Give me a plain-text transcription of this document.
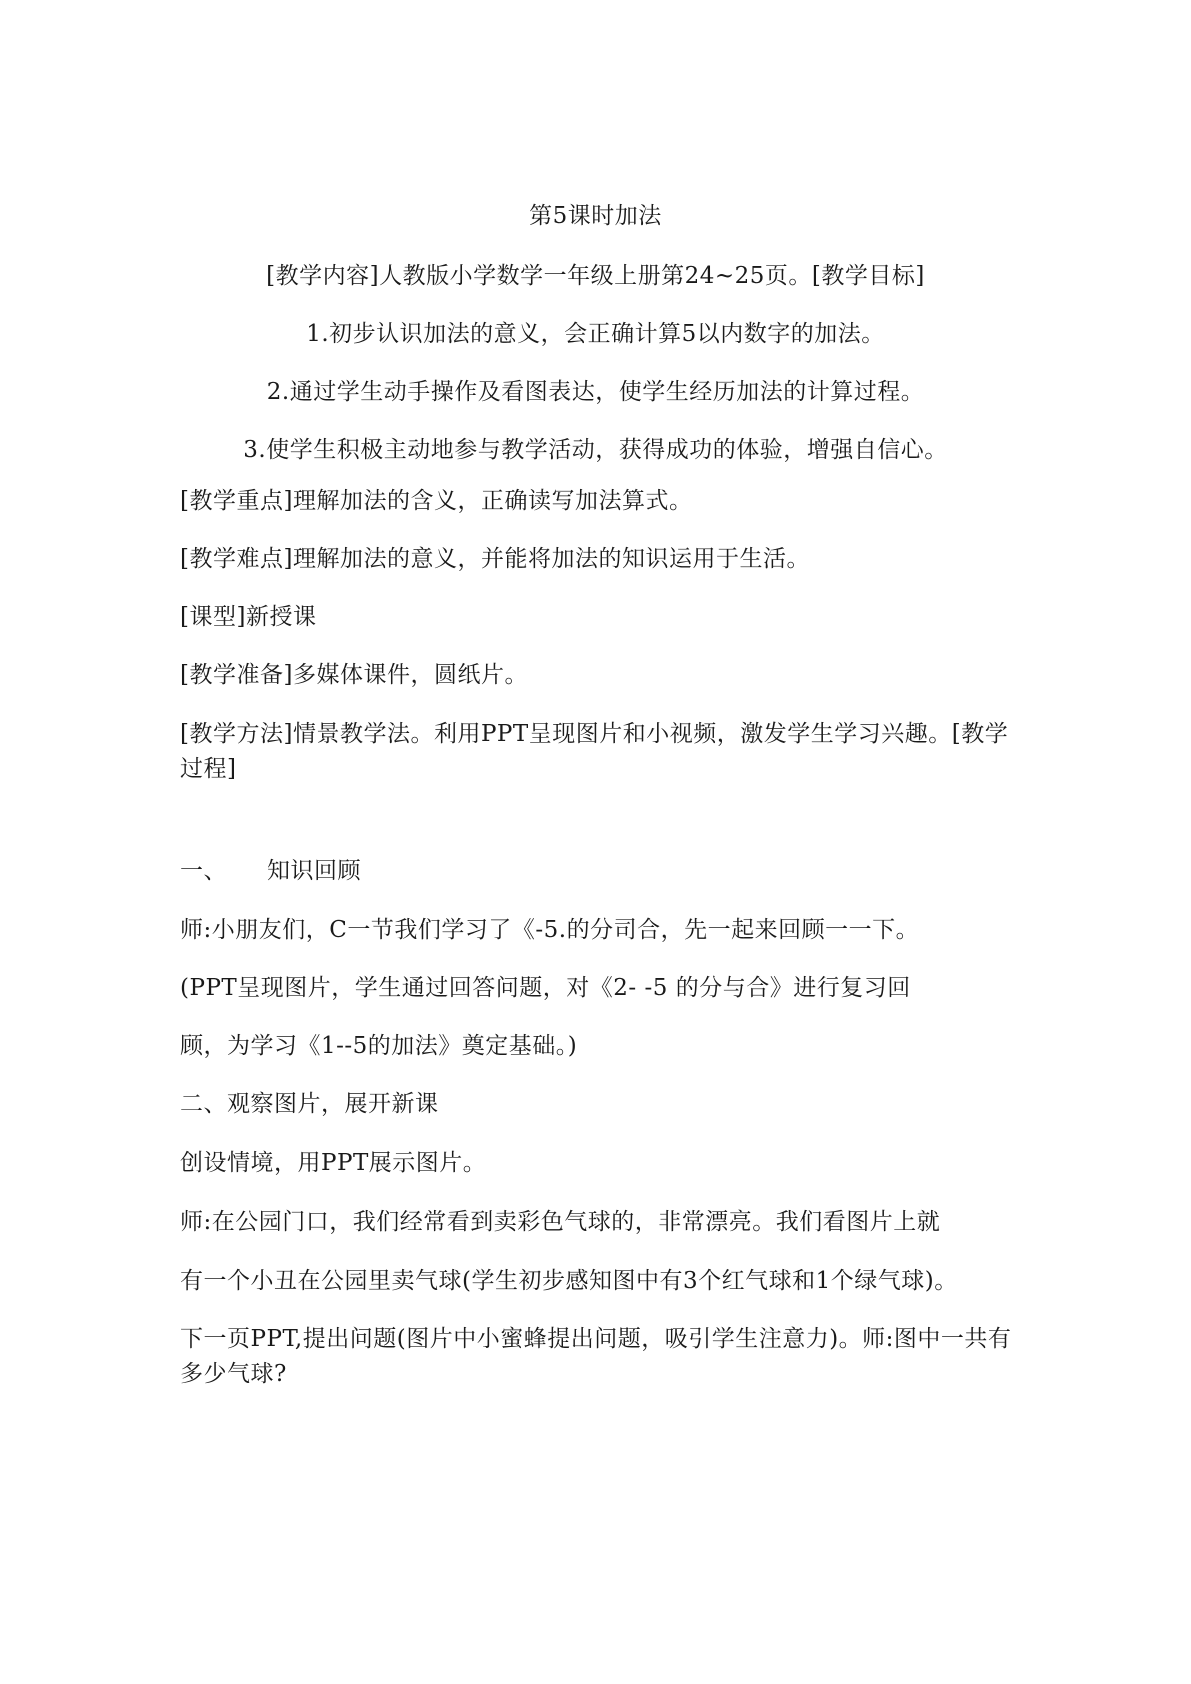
第5课时加法
[教学内容]人教版小学数学一年级上册第24~25页。[教学目标]
1.初步认识加法的意义，会正确计算5以内数字的加法。
2.通过学生动手操作及看图表达，使学生经历加法的计算过程。
3.使学生积极主动地参与教学活动，获得成功的体验，增强自信心。
[教学重点]理解加法的含义，正确读写加法算式。
[教学难点]理解加法的意义，并能将加法的知识运用于生活。
[课型]新授课
[教学准备]多媒体课件，圆纸片。
[教学方法]情景教学法。利用PPT呈现图片和小视频，激发学生学习兴趣。[教学过程]
一、 知识回顾
师:小朋友们，C一节我们学习了《-5.的分司合，先一起来回顾一一下。
(PPT呈现图片，学生通过回答问题，对《2- -5 的分与合》进行复习回
顾，为学习《1--5的加法》奠定基础。)
二、观察图片，展开新课
创设情境，用PPT展示图片。
师:在公园门口，我们经常看到卖彩色气球的，非常漂亮。我们看图片上就
有一个小丑在公园里卖气球(学生初步感知图中有3个红气球和1个绿气球)。
下一页PPT,提出问题(图片中小蜜蜂提出问题，吸引学生注意力)。师:图中一共有多少气球?
